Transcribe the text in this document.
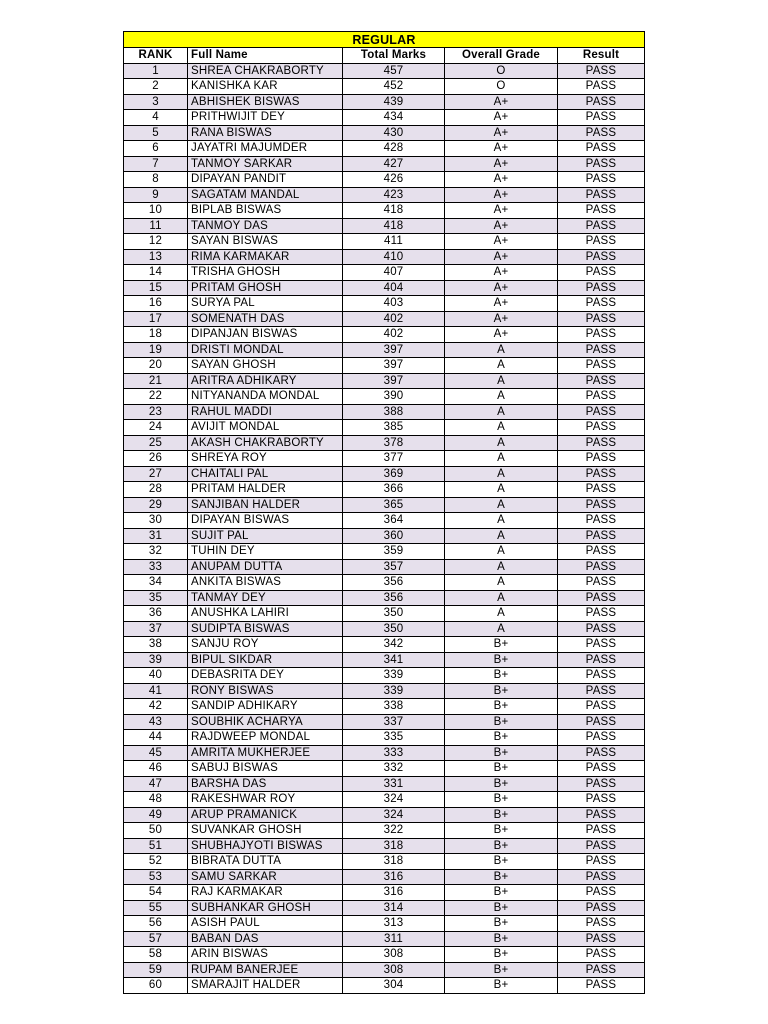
REGULAR				
RANK	Full Name	Total Marks	Overall Grade	Result
1	SHREA CHAKRABORTY	457	O	PASS
2	KANISHKA KAR	452	O	PASS
3	ABHISHEK BISWAS	439	A+	PASS
4	PRITHWIJIT DEY	434	A+	PASS
5	RANA BISWAS	430	A+	PASS
6	JAYATRI MAJUMDER	428	A+	PASS
7	TANMOY SARKAR	427	A+	PASS
8	DIPAYAN PANDIT	426	A+	PASS
9	SAGATAM MANDAL	423	A+	PASS
10	BIPLAB BISWAS	418	A+	PASS
11	TANMOY DAS	418	A+	PASS
12	SAYAN BISWAS	411	A+	PASS
13	RIMA KARMAKAR	410	A+	PASS
14	TRISHA GHOSH	407	A+	PASS
15	PRITAM GHOSH	404	A+	PASS
16	SURYA PAL	403	A+	PASS
17	SOMENATH DAS	402	A+	PASS
18	DIPANJAN BISWAS	402	A+	PASS
19	DRISTI MONDAL	397	A	PASS
20	SAYAN GHOSH	397	A	PASS
21	ARITRA ADHIKARY	397	A	PASS
22	NITYANANDA MONDAL	390	A	PASS
23	RAHUL MADDI	388	A	PASS
24	AVIJIT MONDAL	385	A	PASS
25	AKASH CHAKRABORTY	378	A	PASS
26	SHREYA ROY	377	A	PASS
27	CHAITALI PAL	369	A	PASS
28	PRITAM HALDER	366	A	PASS
29	SANJIBAN HALDER	365	A	PASS
30	DIPAYAN BISWAS	364	A	PASS
31	SUJIT PAL	360	A	PASS
32	TUHIN DEY	359	A	PASS
33	ANUPAM DUTTA	357	A	PASS
34	ANKITA BISWAS	356	A	PASS
35	TANMAY DEY	356	A	PASS
36	ANUSHKA LAHIRI	350	A	PASS
37	SUDIPTA BISWAS	350	A	PASS
38	SANJU ROY	342	B+	PASS
39	BIPUL SIKDAR	341	B+	PASS
40	DEBASRITA DEY	339	B+	PASS
41	RONY BISWAS	339	B+	PASS
42	SANDIP ADHIKARY	338	B+	PASS
43	SOUBHIK ACHARYA	337	B+	PASS
44	RAJDWEEP MONDAL	335	B+	PASS
45	AMRITA MUKHERJEE	333	B+	PASS
46	SABUJ BISWAS	332	B+	PASS
47	BARSHA DAS	331	B+	PASS
48	RAKESHWAR ROY	324	B+	PASS
49	ARUP PRAMANICK	324	B+	PASS
50	SUVANKAR GHOSH	322	B+	PASS
51	SHUBHAJYOTI BISWAS	318	B+	PASS
52	BIBRATA DUTTA	318	B+	PASS
53	SAMU SARKAR	316	B+	PASS
54	RAJ KARMAKAR	316	B+	PASS
55	SUBHANKAR GHOSH	314	B+	PASS
56	ASISH PAUL	313	B+	PASS
57	BABAN DAS	311	B+	PASS
58	ARIN BISWAS	308	B+	PASS
59	RUPAM BANERJEE	308	B+	PASS
60	SMARAJIT HALDER	304	B+	PASS
